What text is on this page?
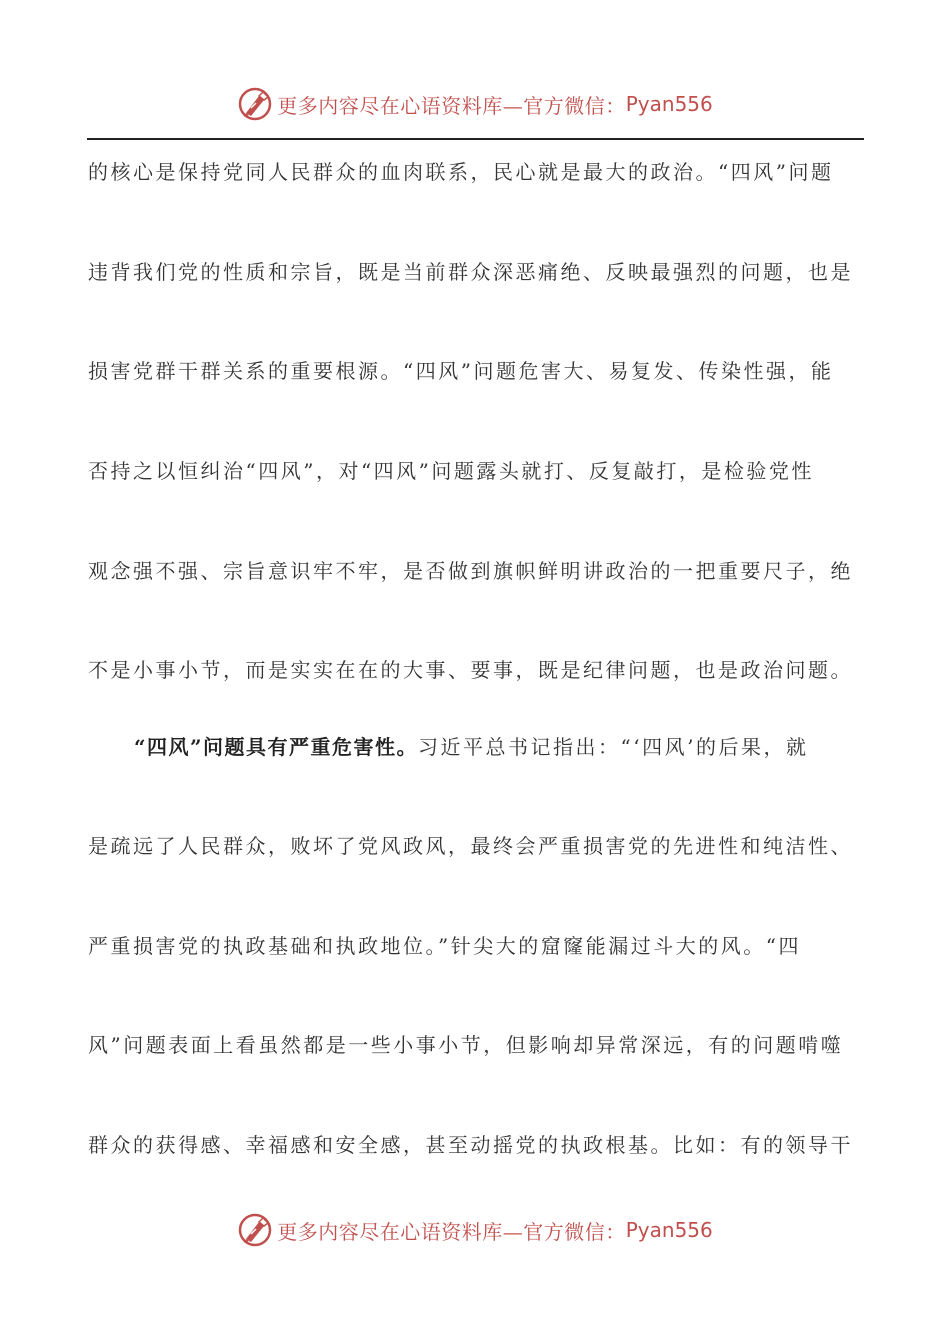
更多内容尽在心语资料库—官方微信： Pyan556
的核心是保持党同人民群众的血肉联系，民心就是最大的政治。“四风”问题
违背我们党的性质和宗旨，既是当前群众深恶痛绝、反映最强烈的问题，也是
损害党群干群关系的重要根源。“四风”问题危害大、易复发、传染性强，能
否持之以恒纠治“四风”，对“四风”问题露头就打、反复敲打，是检验党性
观念强不强、宗旨意识牢不牢，是否做到旗帜鲜明讲政治的一把重要尺子，绝
不是小事小节，而是实实在在的大事、要事，既是纪律问题，也是政治问题。
“四风”问题具有严重危害性。习近平总书记指出：“‘四风’的后果，就
是疏远了人民群众，败坏了党风政风，最终会严重损害党的先进性和纯洁性、
严重损害党的执政基础和执政地位。”针尖大的窟窿能漏过斗大的风。“四
风”问题表面上看虽然都是一些小事小节，但影响却异常深远，有的问题啃噬
群众的获得感、幸福感和安全感，甚至动摇党的执政根基。比如：有的领导干
更多内容尽在心语资料库—官方微信： Pyan556
